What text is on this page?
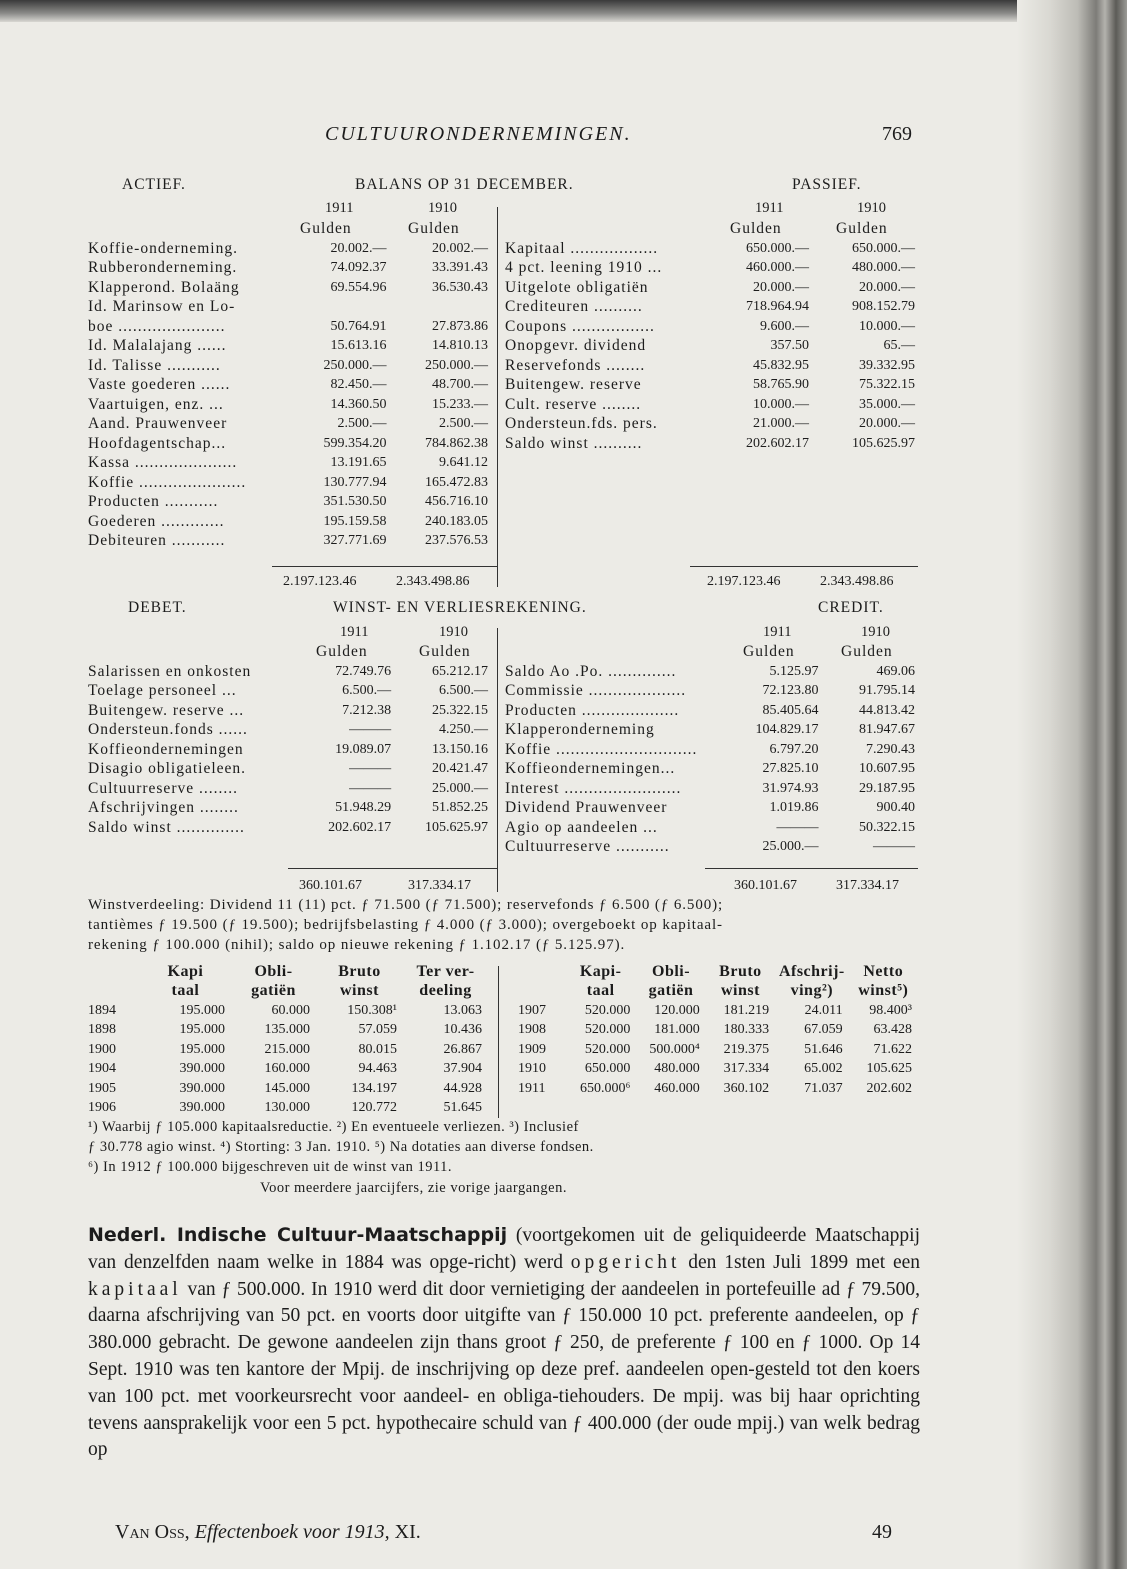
CULTUURONDERNEMINGEN.	769
ACTIEF.	BALANS OP 31 DECEMBER.	PASSIEF.
1911	1910	1911	1910
Gulden	Gulden	Gulden	Gulden
Koffie-onderneming.	20.002.—	20.002.—
Rubberonderneming.	74.092.37	33.391.43
Klapperond. Bolaäng	69.554.96	36.530.43
Id. Marinsow en Lo-		
boe ......................	50.764.91	27.873.86
Id. Malalajang ......	15.613.16	14.810.13
Id. Talisse ...........	250.000.—	250.000.—
Vaste goederen ......	82.450.—	48.700.—
Vaartuigen, enz. ...	14.360.50	15.233.—
Aand. Prauwenveer	2.500.—	2.500.—
Hoofdagentschap...	599.354.20	784.862.38
Kassa .....................	13.191.65	9.641.12
Koffie ......................	130.777.94	165.472.83
Producten ...........	351.530.50	456.716.10
Goederen .............	195.159.58	240.183.05
Debiteuren ...........	327.771.69	237.576.53
Kapitaal ..................	650.000.—	650.000.—
4 pct. leening 1910 ...	460.000.—	480.000.—
Uitgelote obligatiën	20.000.—	20.000.—
Crediteuren ..........	718.964.94	908.152.79
Coupons .................	9.600.—	10.000.—
Onopgevr. dividend	357.50	65.—
Reservefonds ........	45.832.95	39.332.95
Buitengew. reserve	58.765.90	75.322.15
Cult. reserve ........	10.000.—	35.000.—
Ondersteun.fds. pers.	21.000.—	20.000.—
Saldo winst ..........	202.602.17	105.625.97
2.197.123.46	2.343.498.86	2.197.123.46	2.343.498.86
DEBET.	WINST- EN VERLIESREKENING.	CREDIT.
1911	1910	1911	1910
Gulden	Gulden	Gulden	Gulden
Salarissen en onkosten	72.749.76	65.212.17
Toelage personeel ...	6.500.—	6.500.—
Buitengew. reserve ...	7.212.38	25.322.15
Ondersteun.fonds ......	———	4.250.—
Koffieondernemingen	19.089.07	13.150.16
Disagio obligatieleen.	———	20.421.47
Cultuurreserve ........	———	25.000.—
Afschrijvingen ........	51.948.29	51.852.25
Saldo winst ..............	202.602.17	105.625.97
Saldo Ao .Po. ..............	5.125.97	469.06
Commissie ....................	72.123.80	91.795.14
Producten ....................	85.405.64	44.813.42
Klapperonderneming	104.829.17	81.947.67
Koffie .............................	6.797.20	7.290.43
Koffieondernemingen...	27.825.10	10.607.95
Interest ........................	31.974.93	29.187.95
Dividend Prauwenveer	1.019.86	900.40
Agio op aandeelen ...	———	50.322.15
Cultuurreserve ...........	25.000.—	———
360.101.67	317.334.17	360.101.67	317.334.17
Winstverdeeling: Dividend 11 (11) pct. ƒ 71.500 (ƒ 71.500); reservefonds ƒ 6.500 (ƒ 6.500);
tantièmes ƒ 19.500 (ƒ 19.500); bedrijfsbelasting ƒ 4.000 (ƒ 3.000); overgeboekt op kapitaal-
rekening ƒ 100.000 (nihil); saldo op nieuwe rekening ƒ 1.102.17 (ƒ 5.125.97).
	Kapi	Obli-	Bruto	Ter ver-
	taal	gatiën	winst	deeling
1894	195.000	60.000	150.308¹	13.063
1898	195.000	135.000	57.059	10.436
1900	195.000	215.000	80.015	26.867
1904	390.000	160.000	94.463	37.904
1905	390.000	145.000	134.197	44.928
1906	390.000	130.000	120.772	51.645
	Kapi-	Obli-	Bruto	Afschrij-	Netto
	taal	gatiën	winst	ving²)	winst⁵)
1907	520.000	120.000	181.219	24.011	98.400³
1908	520.000	181.000	180.333	67.059	63.428
1909	520.000	500.000⁴	219.375	51.646	71.622
1910	650.000	480.000	317.334	65.002	105.625
1911	650.000⁶	460.000	360.102	71.037	202.602
¹) Waarbij ƒ 105.000 kapitaalsreductie. ²) En eventueele verliezen. ³) Inclusief
ƒ 30.778 agio winst. ⁴) Storting: 3 Jan. 1910. ⁵) Na dotaties aan diverse fondsen.
⁶) In 1912 ƒ 100.000 bijgeschreven uit de winst van 1911.
Voor meerdere jaarcijfers, zie vorige jaargangen.
Nederl. Indische Cultuur-Maatschappij (voortgekomen uit de geliquideerde Maatschappij van denzelfden naam welke in 1884 was opge-richt) werd opgericht den 1sten Juli 1899 met een kapitaal van ƒ 500.000. In 1910 werd dit door vernietiging der aandeelen in portefeuille ad ƒ 79.500, daarna afschrijving van 50 pct. en voorts door uitgifte van ƒ 150.000 10 pct. preferente aandeelen, op ƒ 380.000 gebracht. De gewone aandeelen zijn thans groot ƒ 250, de preferente ƒ 100 en ƒ 1000. Op 14 Sept. 1910 was ten kantore der Mpij. de inschrijving op deze pref. aandeelen open-gesteld tot den koers van 100 pct. met voorkeursrecht voor aandeel- en obliga-tiehouders. De mpij. was bij haar oprichting tevens aansprakelijk voor een 5 pct. hypothecaire schuld van ƒ 400.000 (der oude mpij.) van welk bedrag op
Van Oss, Effectenboek voor 1913, XI.	49
